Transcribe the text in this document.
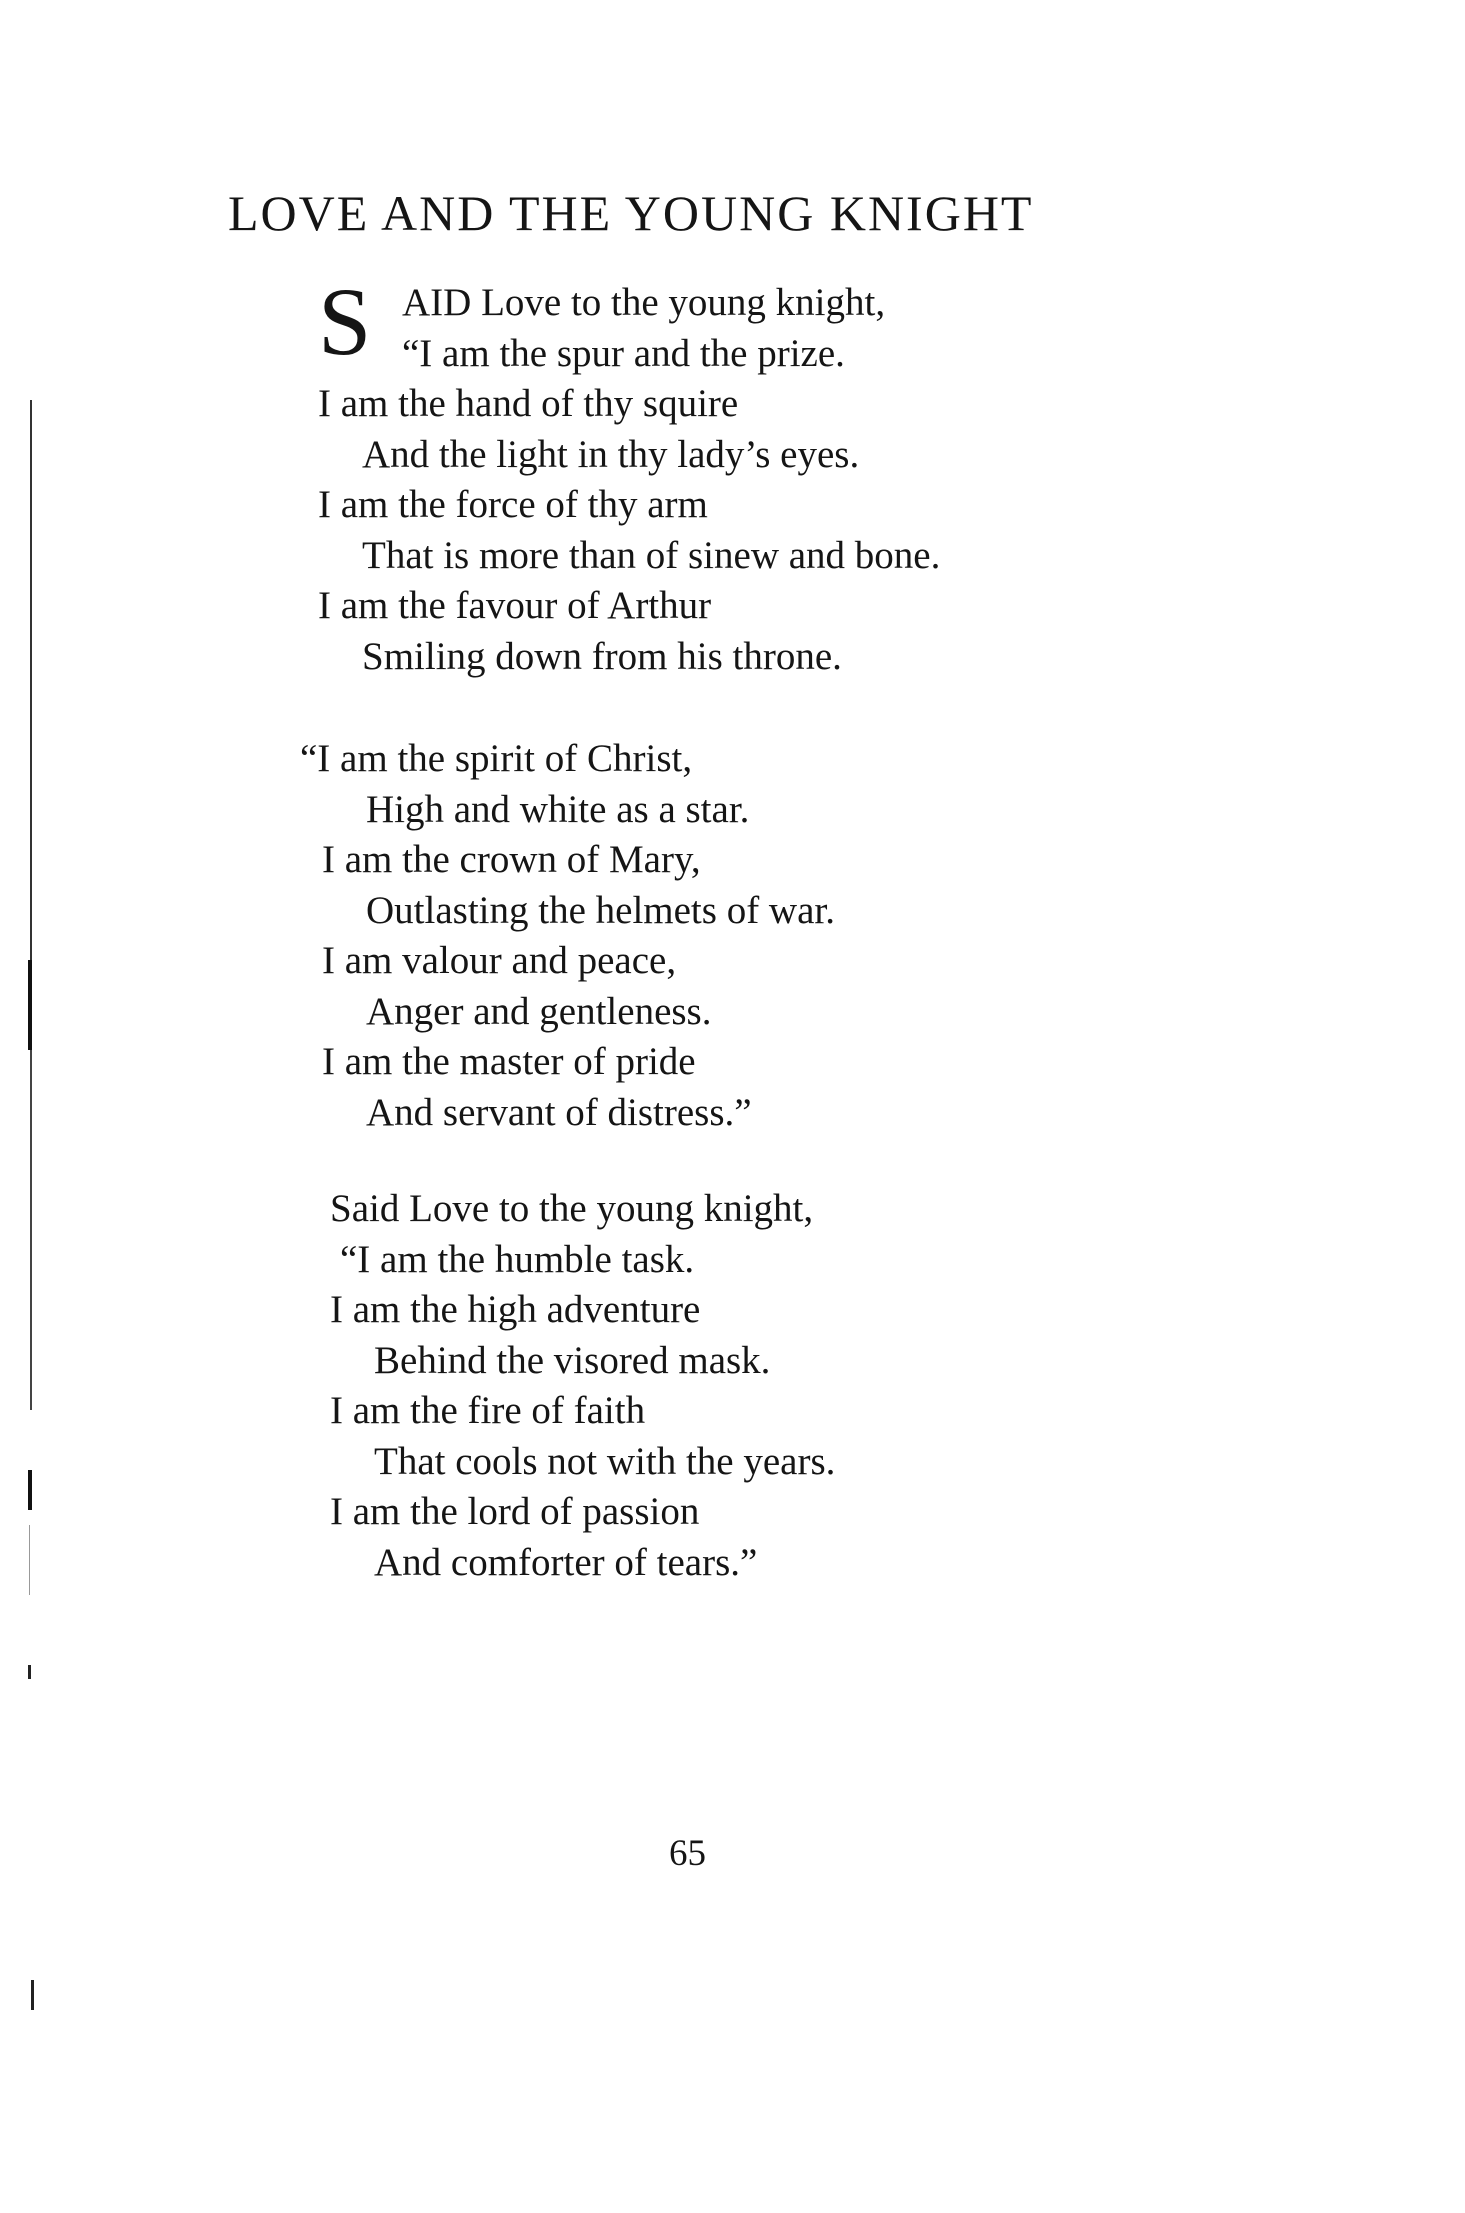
LOVE AND THE YOUNG KNIGHT
S AID Love to the young knight,
“I am the spur and the prize.
I am the hand of thy squire
And the light in thy lady’s eyes.
I am the force of thy arm
That is more than of sinew and bone.
I am the favour of Arthur
Smiling down from his throne.
“I am the spirit of Christ,
High and white as a star.
I am the crown of Mary,
Outlasting the helmets of war.
I am valour and peace,
Anger and gentleness.
I am the master of pride
And servant of distress.”
Said Love to the young knight,
“I am the humble task.
I am the high adventure
Behind the visored mask.
I am the fire of faith
That cools not with the years.
I am the lord of passion
And comforter of tears.”
65
